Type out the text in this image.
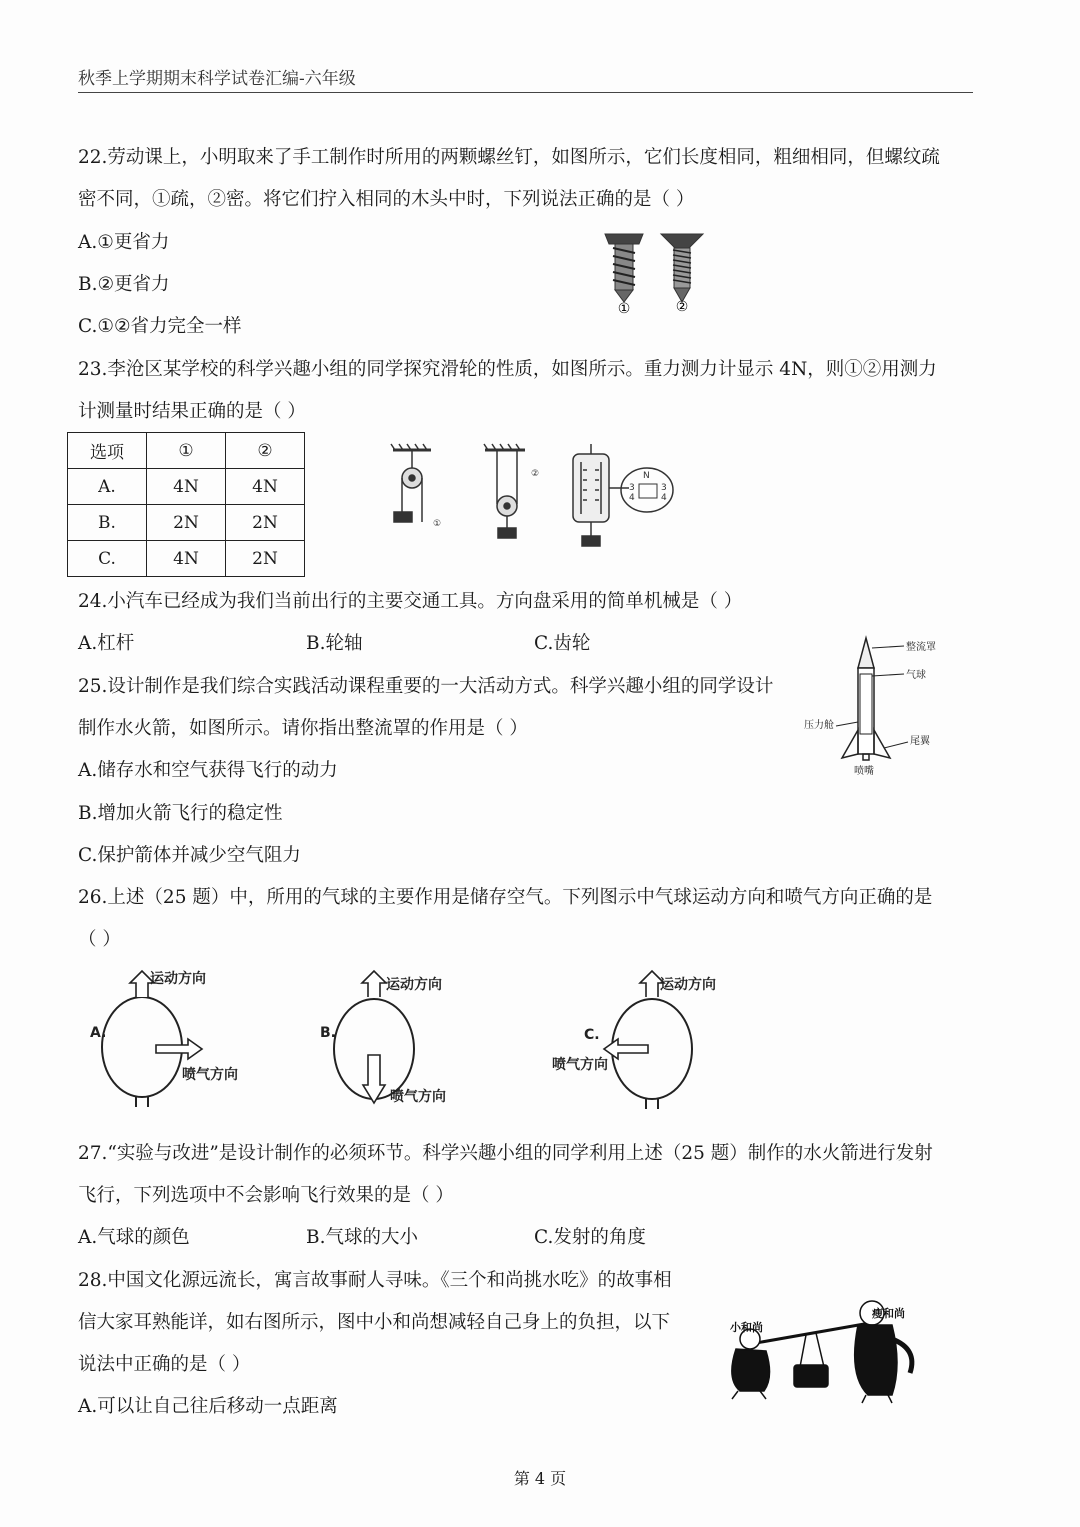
秋季上学期期末科学试卷汇编-六年级
22.劳动课上，小明取来了手工制作时所用的两颗螺丝钉，如图所示，它们长度相同，粗细相同，但螺纹疏
密不同，①疏，②密。将它们拧入相同的木头中时，下列说法正确的是（ ）
A.①更省力
B.②更省力
C.①②省力完全一样
①	②
23.李沧区某学校的科学兴趣小组的同学探究滑轮的性质，如图所示。重力测力计显示 4N，则①②用测力
计测量时结果正确的是（ ）
选项	①	②
A.	4N	4N
B.	2N	2N
C.	4N	2N
①
②	N
3
4
3
4
24.小汽车已经成为我们当前出行的主要交通工具。方向盘采用的简单机械是（ ）
A.杠杆	B.轮轴	C.齿轮
25.设计制作是我们综合实践活动课程重要的一大活动方式。科学兴趣小组的同学设计
制作水火箭，如图所示。请你指出整流罩的作用是（ ）
A.储存水和空气获得飞行的动力
B.增加火箭飞行的稳定性
C.保护箭体并减少空气阻力
整流罩
气球
压力舱
尾翼
喷嘴
26.上述（25 题）中，所用的气球的主要作用是储存空气。下列图示中气球运动方向和喷气方向正确的是
（ ）
A.
运动方向
喷气方向
B.
运动方向
喷气方向
C.
运动方向
喷气方向
27.“实验与改进”是设计制作的必须环节。科学兴趣小组的同学利用上述（25 题）制作的水火箭进行发射
飞行，下列选项中不会影响飞行效果的是（ ）
A.气球的颜色	B.气球的大小	C.发射的角度
28.中国文化源远流长，寓言故事耐人寻味。《三个和尚挑水吃》的故事相
信大家耳熟能详，如右图所示，图中小和尚想减轻自己身上的负担，以下
说法中正确的是（ ）
A.可以让自己往后移动一点距离
小和尚
瘦和尚
第 4 页
